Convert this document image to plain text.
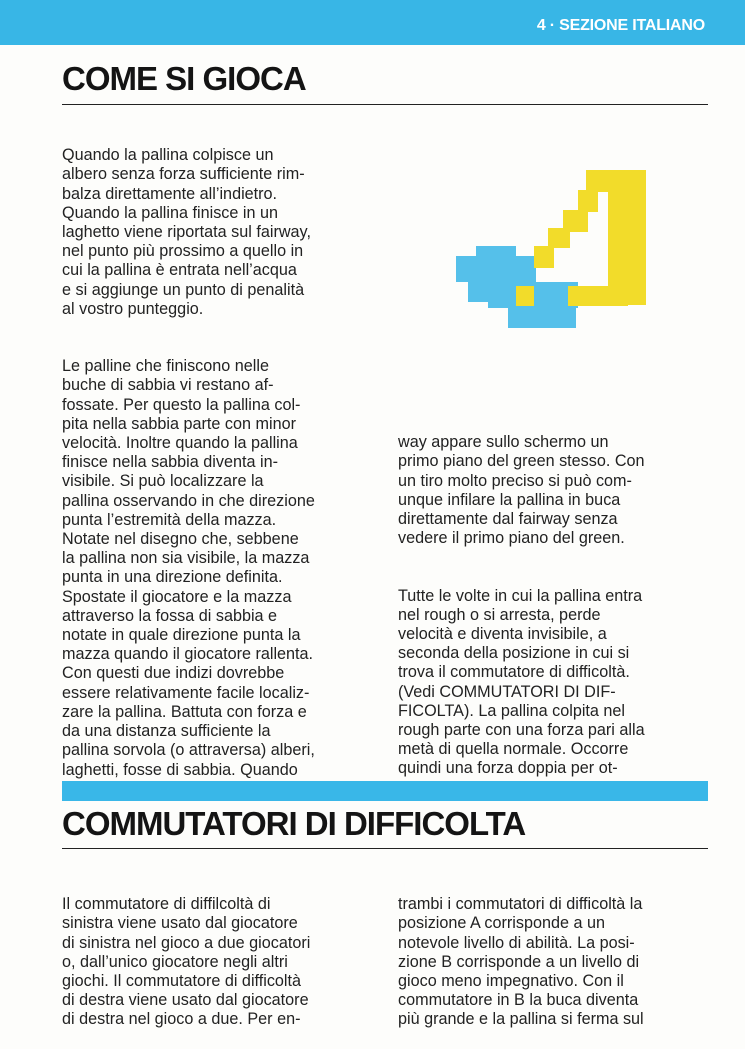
4 · SEZIONE ITALIANO
COME SI GIOCA

Quando la pallina colpisce un
albero senza forza sufficiente rim-
balza direttamente all’indietro.
Quando la pallina finisce in un
laghetto viene riportata sul fairway,
nel punto più prossimo a quello in
cui la pallina è entrata nell’acqua
e si aggiunge un punto di penalità
al vostro punteggio.

Le palline che finiscono nelle
buche di sabbia vi restano af-
fossate. Per questo la pallina col-
pita nella sabbia parte con minor
velocità. Inoltre quando la pallina
finisce nella sabbia diventa in-
visibile. Si può localizzare la
pallina osservando in che direzione
punta l’estremità della mazza.
Notate nel disegno che, sebbene
la pallina non sia visibile, la mazza
punta in una direzione definita.
Spostate il giocatore e la mazza
attraverso la fossa di sabbia e
notate in quale direzione punta la
mazza quando il giocatore rallenta.
Con questi due indizi dovrebbe
essere relativamente facile localiz-
zare la pallina. Battuta con forza e
da una distanza sufficiente la
pallina sorvola (o attraversa) alberi,
laghetti, fosse di sabbia. Quando

way appare sullo schermo un
primo piano del green stesso. Con
un tiro molto preciso si può com-
unque infilare la pallina in buca
direttamente dal fairway senza
vedere il primo piano del green.

Tutte le volte in cui la pallina entra
nel rough o si arresta, perde
velocità e diventa invisibile, a
seconda della posizione in cui si
trova il commutatore di difficoltà.
(Vedi COMMUTATORI DI DIF-
FICOLTA). La pallina colpita nel
rough parte con una forza pari alla
metà di quella normale. Occorre
quindi una forza doppia per ot-

COMMUTATORI DI DIFFICOLTA

Il commutatore di diffilcoltà di
sinistra viene usato dal giocatore
di sinistra nel gioco a due giocatori
o, dall’unico giocatore negli altri
giochi. Il commutatore di difficoltà
di destra viene usato dal giocatore
di destra nel gioco a due. Per en-

trambi i commutatori di difficoltà la
posizione A corrisponde a un
notevole livello di abilità. La posi-
zione B corrisponde a un livello di
gioco meno impegnativo. Con il
commutatore in B la buca diventa
più grande e la pallina si ferma sul
